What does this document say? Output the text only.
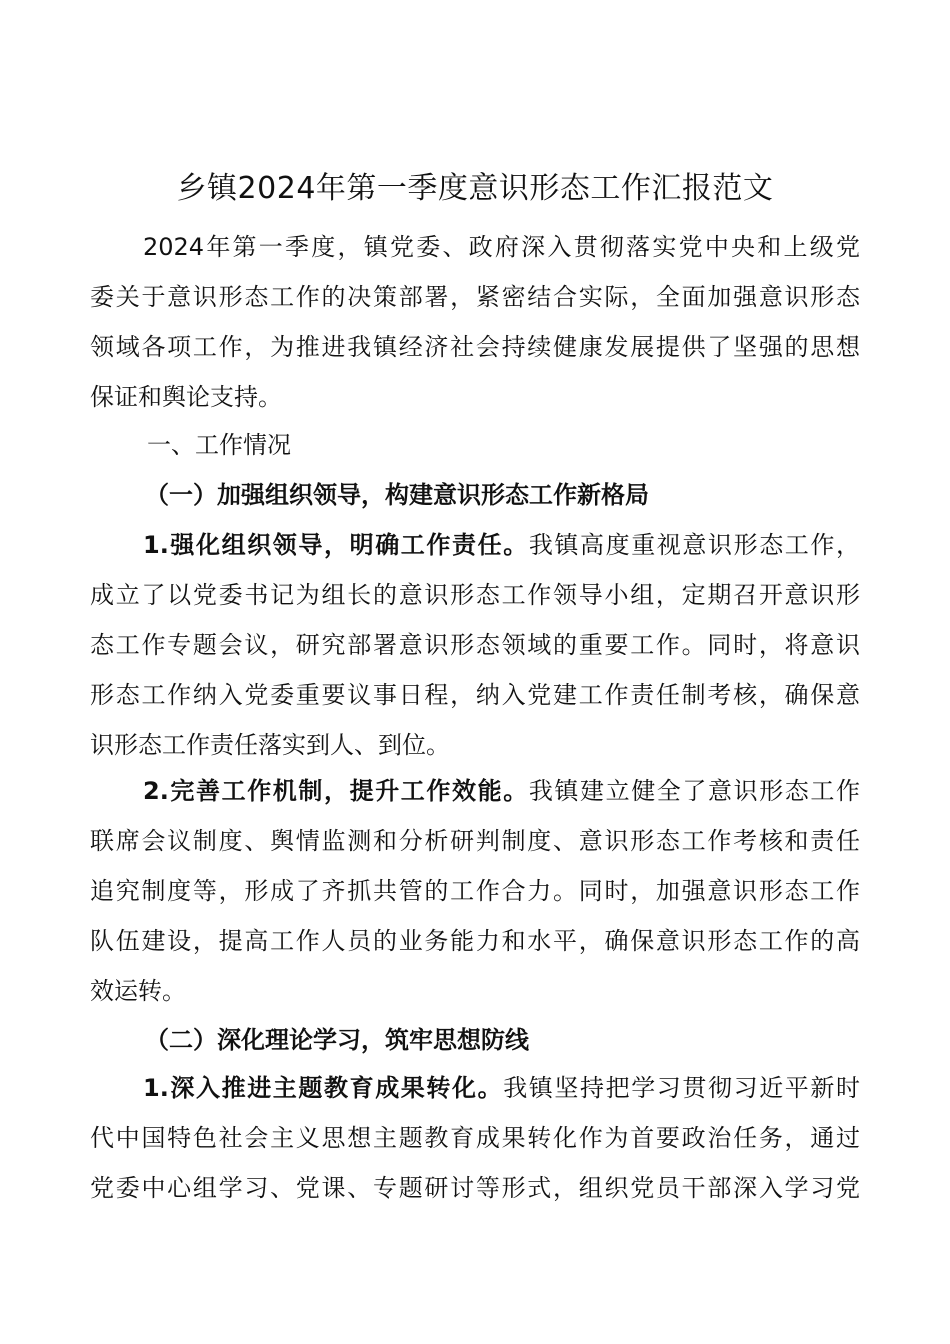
乡镇2024年第一季度意识形态工作汇报范文
2024年第一季度，镇党委、政府深入贯彻落实党中央和上级党
委关于意识形态工作的决策部署，紧密结合实际，全面加强意识形态
领域各项工作，为推进我镇经济社会持续健康发展提供了坚强的思想
保证和舆论支持。
一、工作情况
（一）加强组织领导，构建意识形态工作新格局
1.强化组织领导，明确工作责任。我镇高度重视意识形态工作，
成立了以党委书记为组长的意识形态工作领导小组，定期召开意识形
态工作专题会议，研究部署意识形态领域的重要工作。同时，将意识
形态工作纳入党委重要议事日程，纳入党建工作责任制考核，确保意
识形态工作责任落实到人、到位。
2.完善工作机制，提升工作效能。我镇建立健全了意识形态工作
联席会议制度、舆情监测和分析研判制度、意识形态工作考核和责任
追究制度等，形成了齐抓共管的工作合力。同时，加强意识形态工作
队伍建设，提高工作人员的业务能力和水平，确保意识形态工作的高
效运转。
（二）深化理论学习，筑牢思想防线
1.深入推进主题教育成果转化。我镇坚持把学习贯彻习近平新时
代中国特色社会主义思想主题教育成果转化作为首要政治任务，通过
党委中心组学习、党课、专题研讨等形式，组织党员干部深入学习党
